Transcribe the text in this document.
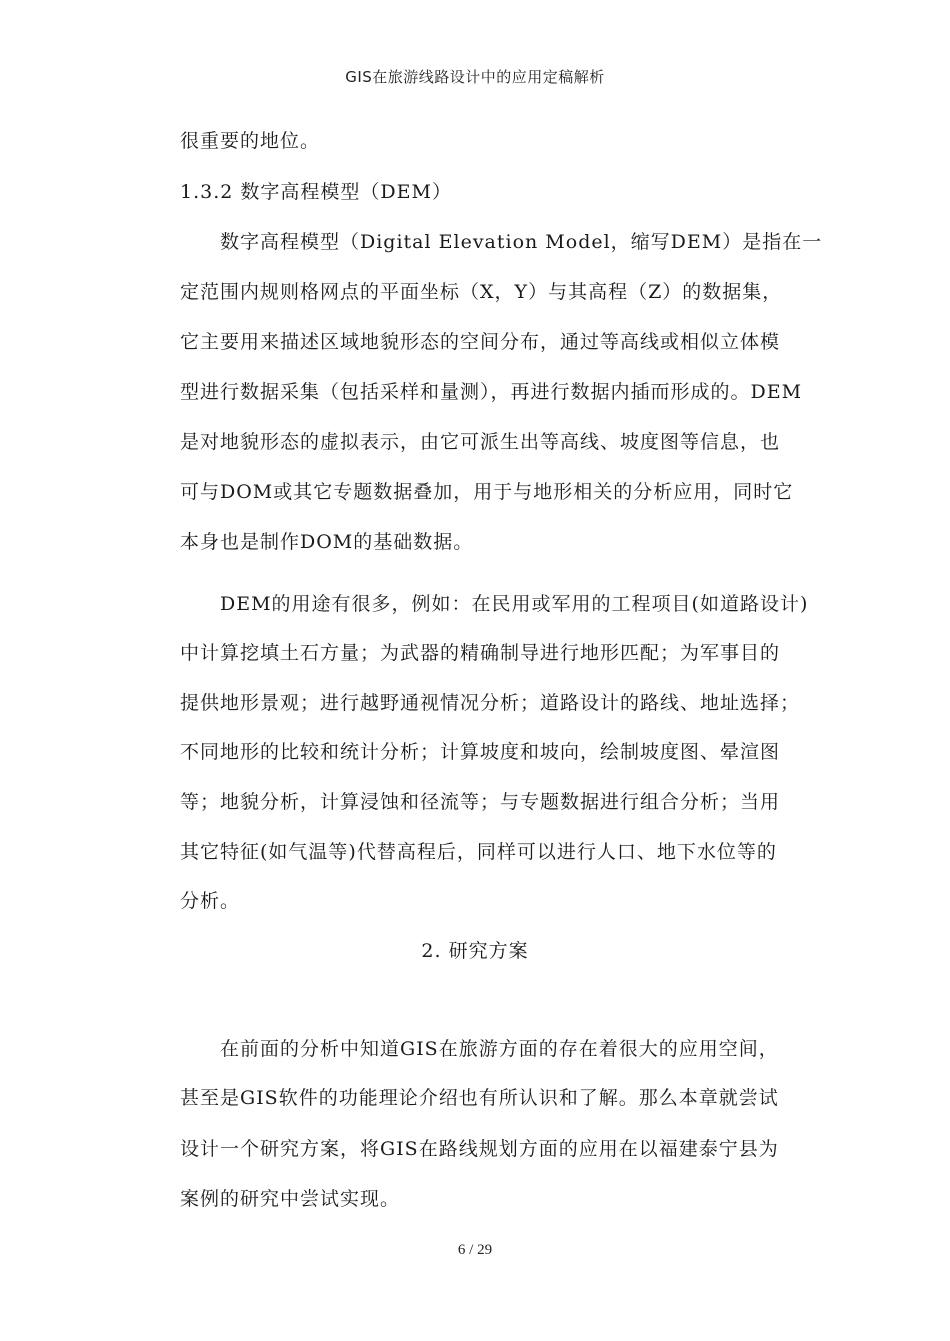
GIS在旅游线路设计中的应用定稿解析
很重要的地位。
1.3.2 数字高程模型（DEM）
数字高程模型（Digital Elevation Model，缩写DEM）是指在一
定范围内规则格网点的平面坐标（X，Y）与其高程（Z）的数据集，
它主要用来描述区域地貌形态的空间分布，通过等高线或相似立体模
型进行数据采集（包括采样和量测），再进行数据内插而形成的。DEM
是对地貌形态的虚拟表示，由它可派生出等高线、坡度图等信息，也
可与DOM或其它专题数据叠加，用于与地形相关的分析应用，同时它
本身也是制作DOM的基础数据。
DEM的用途有很多，例如：在民用或军用的工程项目(如道路设计)
中计算挖填土石方量；为武器的精确制导进行地形匹配；为军事目的
提供地形景观；进行越野通视情况分析；道路设计的路线、地址选择；
不同地形的比较和统计分析；计算坡度和坡向，绘制坡度图、晕渲图
等；地貌分析，计算浸蚀和径流等；与专题数据进行组合分析；当用
其它特征(如气温等)代替高程后，同样可以进行人口、地下水位等的
分析。
2. 研究方案
在前面的分析中知道GIS在旅游方面的存在着很大的应用空间，
甚至是GIS软件的功能理论介绍也有所认识和了解。那么本章就尝试
设计一个研究方案，将GIS在路线规划方面的应用在以福建泰宁县为
案例的研究中尝试实现。
6 / 29
